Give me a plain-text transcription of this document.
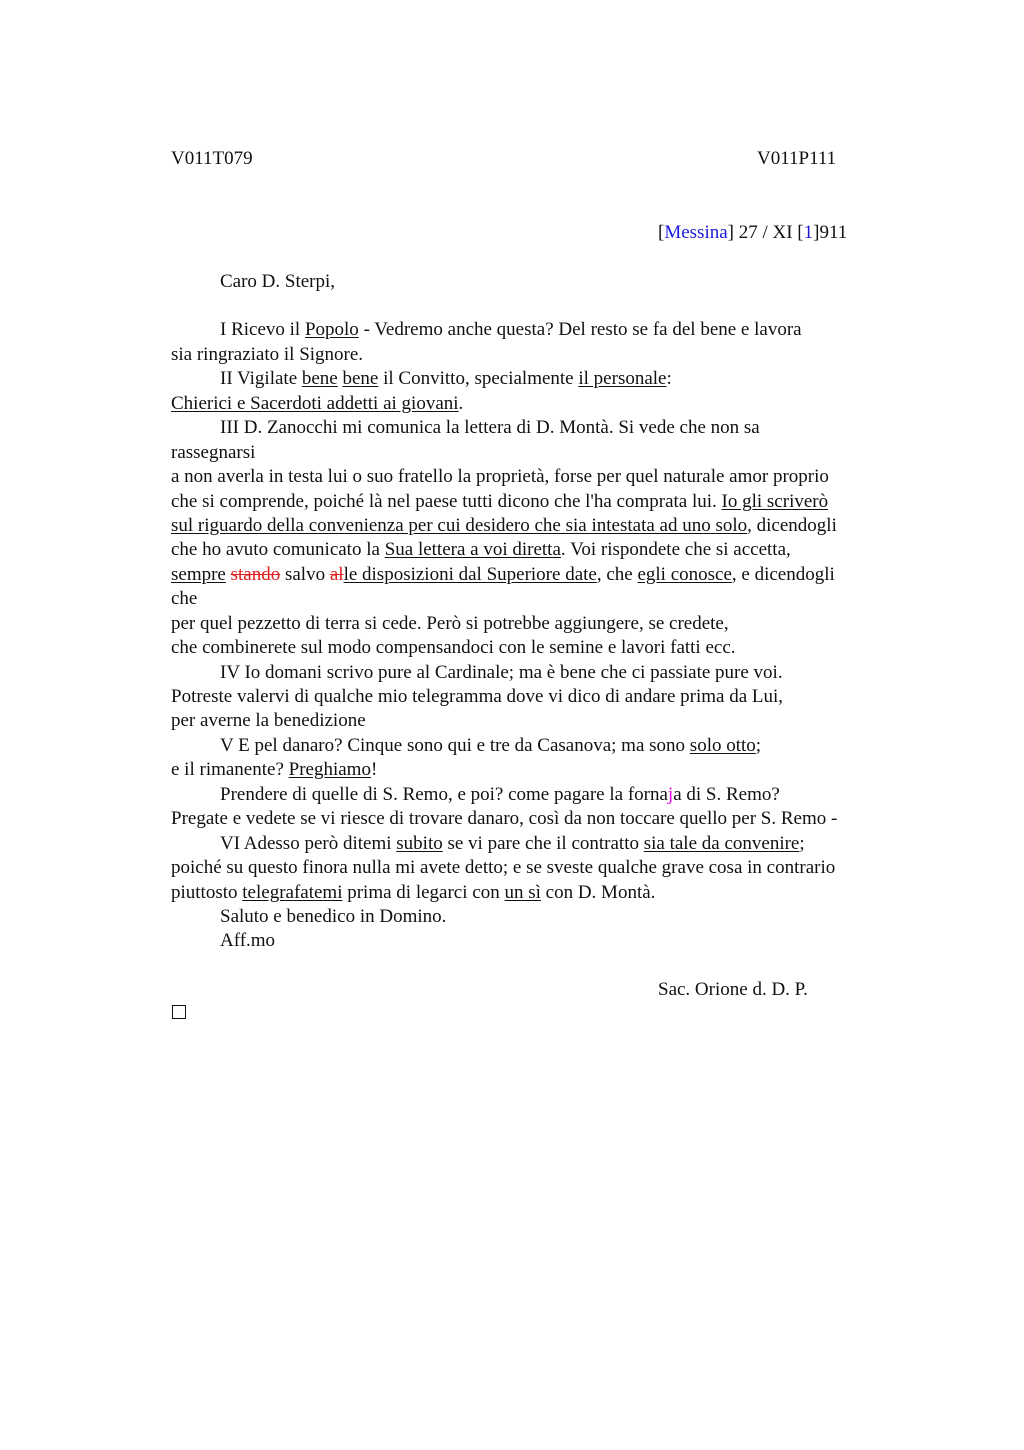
V011T079	V011P111
[Messina] 27 / XI [1]911
Caro D. Sterpi,
I Ricevo il Popolo - Vedremo anche questa? Del resto se fa del bene e lavora
sia ringraziato il Signore.
II Vigilate bene bene il Convitto, specialmente il personale:
Chierici e Sacerdoti addetti ai giovani.
III D. Zanocchi mi comunica la lettera di D. Montà. Si vede che non sa
rassegnarsi
a non averla in testa lui o suo fratello la proprietà, forse per quel naturale amor proprio
che si comprende, poiché là nel paese tutti dicono che l'ha comprata lui. Io gli scriverò
sul riguardo della convenienza per cui desidero che sia intestata ad uno solo, dicendogli
che ho avuto comunicato la Sua lettera a voi diretta. Voi rispondete che si accetta,
sempre stando salvo alle disposizioni dal Superiore date, che egli conosce, e dicendogli
che
per quel pezzetto di terra si cede. Però si potrebbe aggiungere, se credete,
che combinerete sul modo compensandoci con le semine e lavori fatti ecc.
IV Io domani scrivo pure al Cardinale; ma è bene che ci passiate pure voi.
Potreste valervi di qualche mio telegramma dove vi dico di andare prima da Lui,
per averne la benedizione
V E pel danaro? Cinque sono qui e tre da Casanova; ma sono solo otto;
e il rimanente? Preghiamo!
Prendere di quelle di S. Remo, e poi? come pagare la fornaja di S. Remo?
Pregate e vedete se vi riesce di trovare danaro, così da non toccare quello per S. Remo -
VI Adesso però ditemi subito se vi pare che il contratto sia tale da convenire;
poiché su questo finora nulla mi avete detto; e se sveste qualche grave cosa in contrario
piuttosto telegrafatemi prima di legarci con un sì con D. Montà.
Saluto e benedico in Domino.
Aff.mo
Sac. Orione d. D. P.
